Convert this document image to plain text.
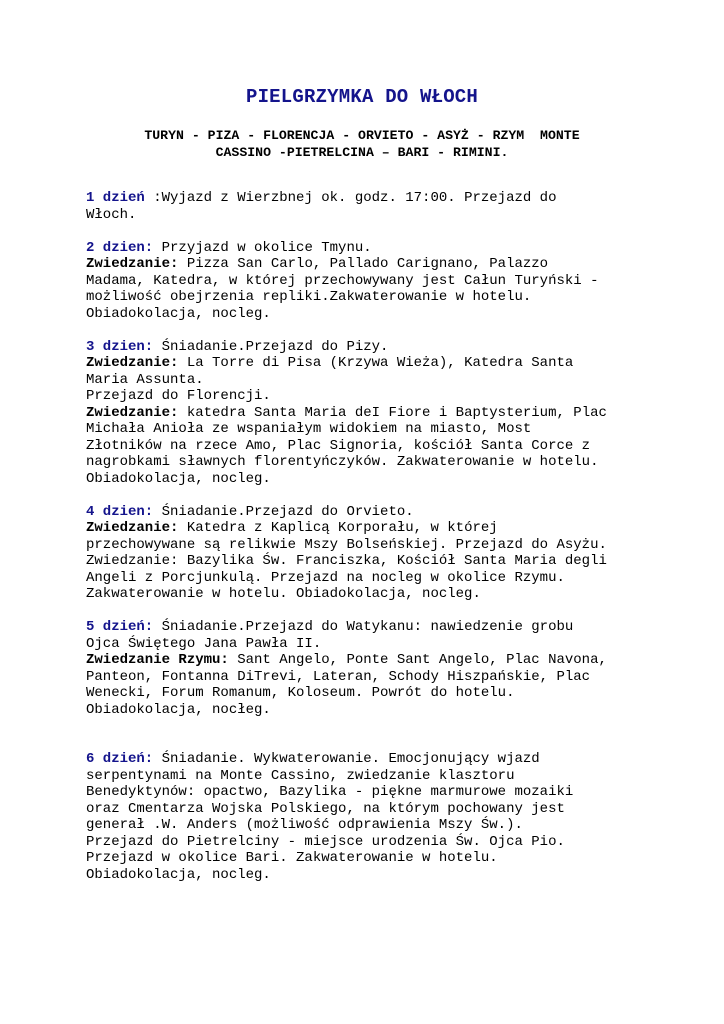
PIELGRZYMKA DO WŁOCH
TURYN - PIZA - FLORENCJA - ORVIETO - ASYŻ - RZYM  MONTE
CASSINO -PIETRELCINA – BARI - RIMINI.
1 dzień :Wyjazd z Wierzbnej ok. godz. 17:00. Przejazd do
Włoch.
2 dzien: Przyjazd w okolice Tmynu.
Zwiedzanie: Pizza San Carlo, Pallado Carignano, Palazzo
Madama, Katedra, w której przechowywany jest Całun Turyński -
możliwość obejrzenia repliki.Zakwaterowanie w hotelu.
Obiadokolacja, nocleg.
3 dzien: Śniadanie.Przejazd do Pizy.
Zwiedzanie: La Torre di Pisa (Krzywa Wieża), Katedra Santa
Maria Assunta.
Przejazd do Florencji.
Zwiedzanie: katedra Santa Maria deI Fiore i Baptysterium, Plac
Michała Anioła ze wspaniałym widokiem na miasto, Most
Złotników na rzece Amo, Plac Signoria, kościół Santa Corce z
nagrobkami sławnych florentyńczyków. Zakwaterowanie w hotelu.
Obiadokolacja, nocleg.
4 dzien: Śniadanie.Przejazd do Orvieto.
Zwiedzanie: Katedra z Kaplicą Korporału, w której
przechowywane są relikwie Mszy Bolseńskiej. Przejazd do Asyżu.
Zwiedzanie: Bazylika Św. Franciszka, Kościół Santa Maria degli
Angeli z Porcjunkulą. Przejazd na nocleg w okolice Rzymu.
Zakwaterowanie w hotelu. Obiadokolacja, nocleg.
5 dzień: Śniadanie.Przejazd do Watykanu: nawiedzenie grobu
Ojca Świętego Jana Pawła II.
Zwiedzanie Rzymu: Sant Angelo, Ponte Sant Angelo, Plac Navona,
Panteon, Fontanna DiTrevi, Lateran, Schody Hiszpańskie, Plac
Wenecki, Forum Romanum, Koloseum. Powrót do hotelu.
Obiadokolacja, nocłeg.
6 dzień: Śniadanie. Wykwaterowanie. Emocjonujący wjazd
serpentynami na Monte Cassino, zwiedzanie klasztoru
Benedyktynów: opactwo, Bazylika - piękne marmurowe mozaiki
oraz Cmentarza Wojska Polskiego, na którym pochowany jest
generał .W. Anders (możliwość odprawienia Mszy Św.).
Przejazd do Pietrelciny - miejsce urodzenia Św. Ojca Pio.
Przejazd w okolice Bari. Zakwaterowanie w hotelu.
Obiadokolacja, nocleg.
